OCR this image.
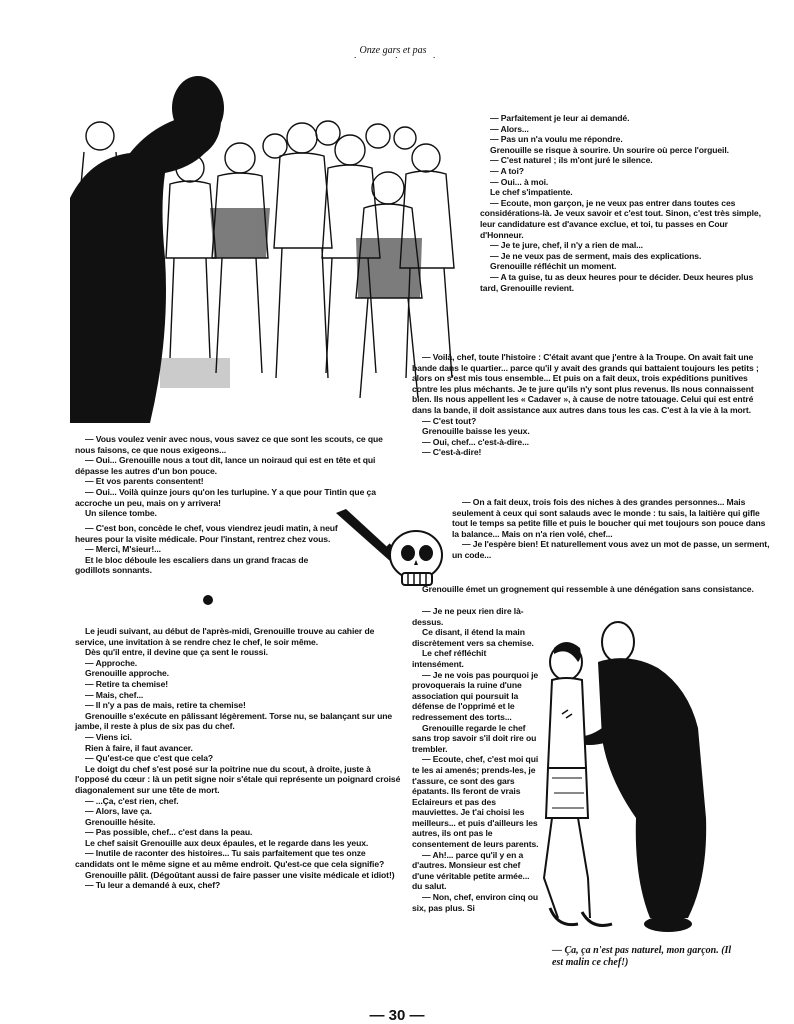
Onze gars et pas

— Parfaitement je leur ai demandé.

— Alors...

— Pas un n'a voulu me répondre.

Grenouille se risque à sourire. Un sourire où perce l'orgueil.

— C'est naturel ; ils m'ont juré le silence.

— A toi?

— Oui... à moi.

Le chef s'impatiente.

— Ecoute, mon garçon, je ne veux pas entrer dans toutes ces considérations-là. Je veux savoir et c'est tout. Sinon, c'est très simple, leur candidature est d'avance exclue, et toi, tu passes en Cour d'Honneur.

— Je te jure, chef, il n'y a rien de mal...

— Je ne veux pas de serment, mais des explications.

Grenouille réfléchit un moment.

— A ta guise, tu as deux heures pour te décider. Deux heures plus tard, Grenouille revient.

— Voilà, chef, toute l'histoire : C'était avant que j'entre à la Troupe. On avait fait une bande dans le quartier... parce qu'il y avait des grands qui battaient toujours les petits ; alors on s'est mis tous ensemble... Et puis on a fait deux, trois expéditions punitives contre les plus méchants. Je te jure qu'ils n'y sont plus revenus. Ils nous connaissent bien. Ils nous appellent les « Cadaver », à cause de notre tatouage. Celui qui est entré dans la bande, il doit assistance aux autres dans tous les cas. C'est à la vie à la mort.

— C'est tout?

Grenouille baisse les yeux.

— Oui, chef... c'est-à-dire...

— C'est-à-dire!

— On a fait deux, trois fois des niches à des grandes personnes... Mais seulement à ceux qui sont salauds avec le monde : tu sais, la laitière qui gifle tout le temps sa petite fille et puis le boucher qui met toujours son pouce dans la balance... Mais on n'a rien volé, chef...

— Je l'espère bien! Et naturellement vous avez un mot de passe, un serment, un code...

Grenouille émet un grognement qui ressemble à une dénégation sans consistance.

— Je ne peux rien dire là-dessus.

Ce disant, il étend la main discrètement vers sa chemise.

Le chef réfléchit intensément.

— Je ne vois pas pourquoi je provoquerais la ruine d'une association qui poursuit la défense de l'opprimé et le redressement des torts...

Grenouille regarde le chef sans trop savoir s'il doit rire ou trembler.

— Ecoute, chef, c'est moi qui te les ai amenés; prends-les, je t'assure, ce sont des gars épatants. Ils feront de vrais Eclaireurs et pas des mauviettes. Je t'ai choisi les meilleurs... et puis d'ailleurs les autres, ils ont pas le consentement de leurs parents.

— Ah!... parce qu'il y en a d'autres. Monsieur est chef d'une véritable petite armée... du salut.

— Non, chef, environ cinq ou six, pas plus. Si

— Vous voulez venir avec nous, vous savez ce que sont les scouts, ce que nous faisons, ce que nous exigeons...

— Oui... Grenouille nous a tout dit, lance un noiraud qui est en tête et qui dépasse les autres d'un bon pouce.

— Et vos parents consentent!

— Oui... Voilà quinze jours qu'on les turlupine. Y a que pour Tintin que ça accroche un peu, mais on y arrivera!

Un silence tombe.

— C'est bon, concède le chef, vous viendrez jeudi matin, à neuf heures pour la visite médicale. Pour l'instant, rentrez chez vous.

— Merci, M'sieur!...

Et le bloc déboule les escaliers dans un grand fracas de godillots sonnants.

Le jeudi suivant, au début de l'après-midi, Grenouille trouve au cahier de service, une invitation à se rendre chez le chef, le soir même.

Dès qu'il entre, il devine que ça sent le roussi.

— Approche.

Grenouille approche.

— Retire ta chemise!

— Mais, chef...

— Il n'y a pas de mais, retire ta chemise!

Grenouille s'exécute en pâlissant légèrement. Torse nu, se balançant sur une jambe, il reste à plus de six pas du chef.

— Viens ici.

Rien à faire, il faut avancer.

— Qu'est-ce que c'est que cela?

Le doigt du chef s'est posé sur la poitrine nue du scout, à droite, juste à l'opposé du cœur : là un petit signe noir s'étale qui représente un poignard croisé diagonalement sur une tête de mort.

— ...Ça, c'est rien, chef.

— Alors, lave ça.

Grenouille hésite.

— Pas possible, chef... c'est dans la peau.

Le chef saisit Grenouille aux deux épaules, et le regarde dans les yeux.

— Inutile de raconter des histoires... Tu sais parfaitement que tes onze candidats ont le même signe et au même endroit. Qu'est-ce que cela signifie?

Grenouille pâlit. (Dégoûtant aussi de faire passer une visite médicale et idiot!)

— Tu leur a demandé à eux, chef?

— Ça, ça n'est pas naturel, mon garçon. (Il est malin ce chef!)
— 30 —
